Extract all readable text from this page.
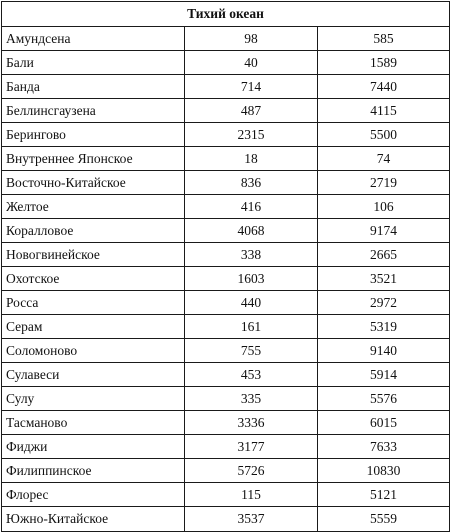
Тихий океан		
Амундсена	98	585
Бали	40	1589
Банда	714	7440
Беллинсгаузена	487	4115
Берингово	2315	5500
Внутреннее Японское	18	74
Восточно-Китайское	836	2719
Желтое	416	106
Коралловое	4068	9174
Новогвинейское	338	2665
Охотское	1603	3521
Росса	440	2972
Серам	161	5319
Соломоново	755	9140
Сулавеси	453	5914
Сулу	335	5576
Тасманово	3336	6015
Фиджи	3177	7633
Филиппинское	5726	10830
Флорес	115	5121
Южно-Китайское	3537	5559
